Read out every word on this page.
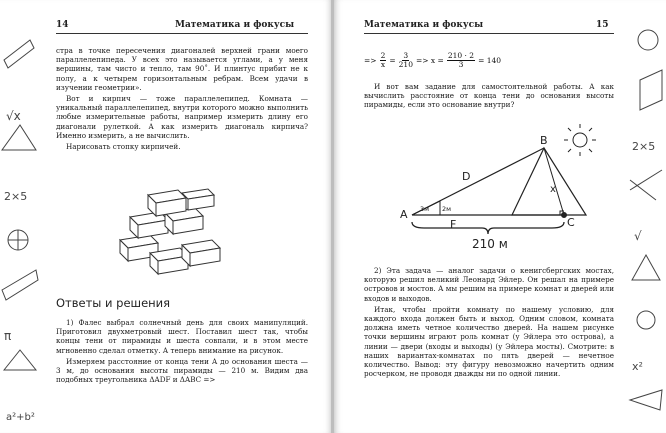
√x
2×5
π
a²+b²
14	Математика и фокусы

стра в точке пересечения диагоналей верхней грани моего параллелепипеда. У всех это называется углами, а у меня вершины, там чисто и тепло, там 90˚. И плинтус прибит не к полу, а к четырем горизонтальным ребрам. Всем удачи в изучении геометрии».

Вот и кирпич — тоже параллелепипед. Комната — уникальный параллелепипед, внутри которого можно выполнить любые измерительные работы, например измерить длину его диагонали рулеткой. А как измерить диагональ кирпича? Именно измерить, а не вычислить.

Нарисовать стопку кирпичей.

Ответы и решения

1) Фалес выбрал солнечный день для своих манипуляций. Приготовил двухметровый шест. Поставил шест так, чтобы концы тени от пирамиды и шеста совпали, и в этом месте мгновенно сделал отметку. А теперь внимание на рисунок.

Измеряем расстояние от конца тени А до основания шеста — 3 м, до основания высоты пирамиды — 210 м. Видим два подобных треугольника ΔADF и ΔABC =>

2×5
√
x²
Математика и фокусы	15
=> $\frac{2}{x} = \frac{3}{210} => x = \frac{210 \cdot 2}{3} = 140$

И вот вам задание для самостоятельной работы. А как вычислить расстояние от конца тени до основания высоты пирамиды, если это основание внутри?

A
B
C
D
F
x
3м 2м
210 м

2) Эта задача — аналог задачи о кенигсбергских мостах, которую решил великий Леонард Эйлер. Он решал на примере островов и мостов. А мы решим на примере комнат и дверей или входов и выходов.

Итак, чтобы пройти комнату по нашему условию, для каждого входа должен быть и выход. Одним словом, комната должна иметь четное количество дверей. На нашем рисунке точки вершины играют роль комнат (у Эйлера это острова), а линии — двери (входы и выходы) (у Эйлера мосты). Смотрите: в наших вариантах-комнатах по пять дверей — нечетное количество. Вывод: эту фигуру невозможно начертить одним росчерком, не проводя дважды ни по одной линии.
